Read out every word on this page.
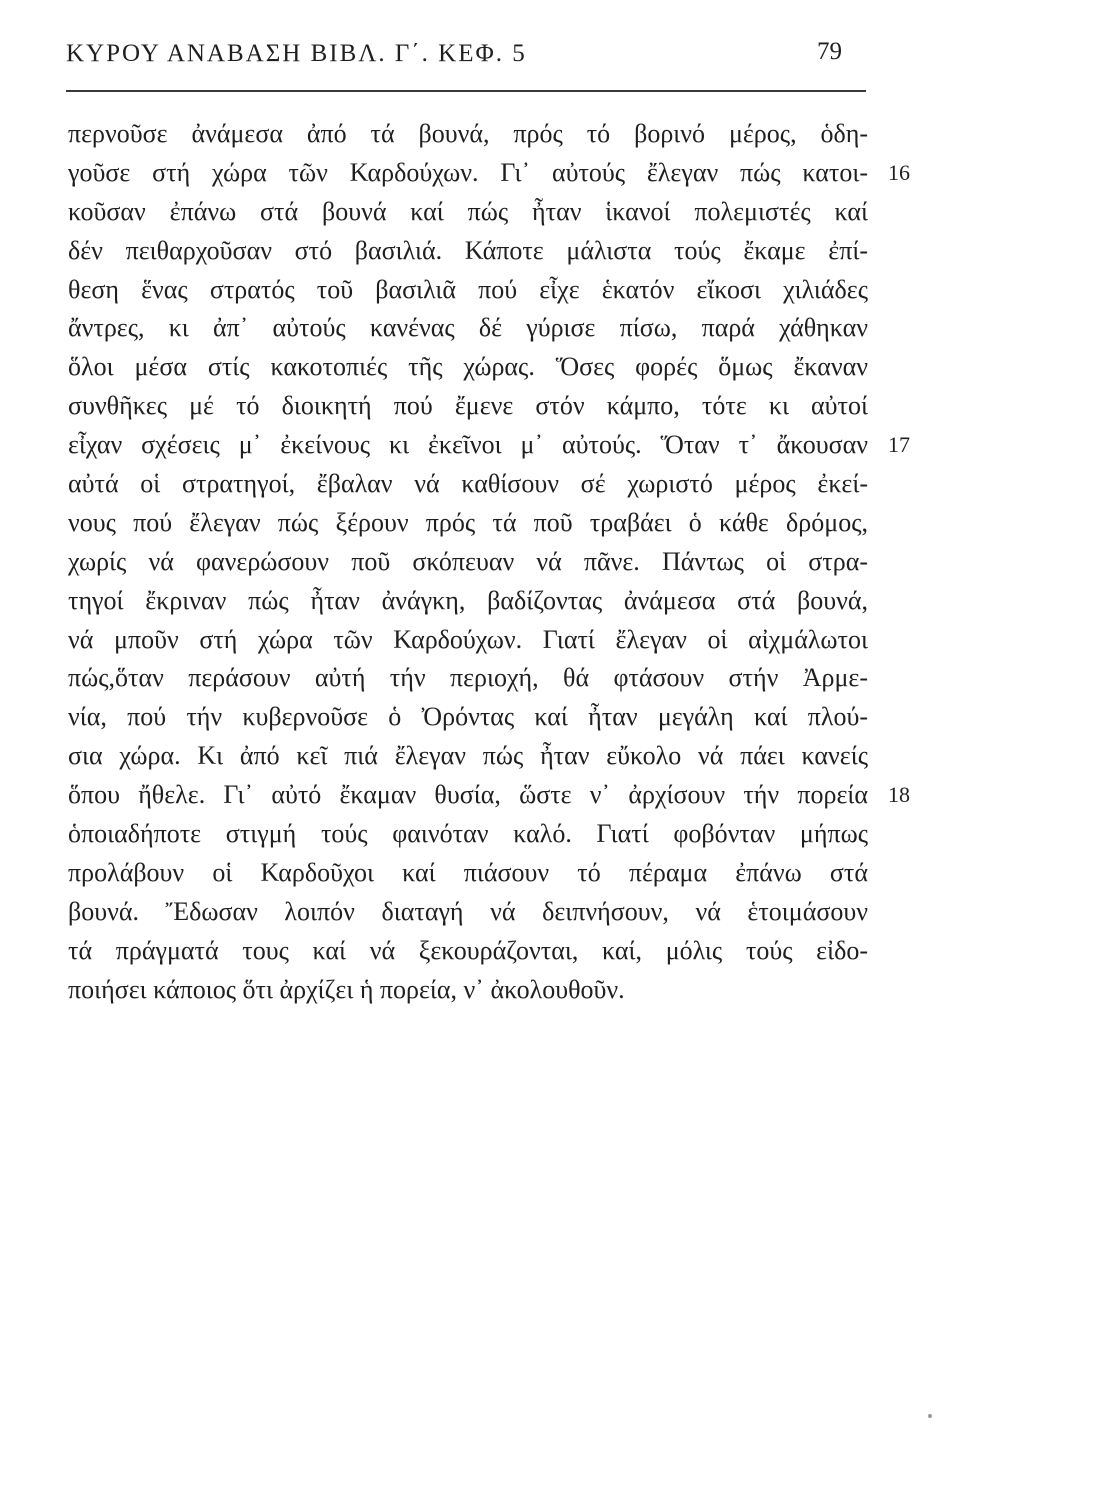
ΚΥΡΟΥ ΑΝΑΒΑΣΗ ΒΙΒΛ. Γ΄. ΚΕΦ. 5	79
περνοῦσε ἀνάμεσα ἀπό τά βουνά, πρός τό βορινό μέρος, ὁδη-
γοῦσε στή χώρα τῶν Καρδούχων. Γι᾿ αὐτούς ἔλεγαν πώς κατοι- 16
κοῦσαν ἐπάνω στά βουνά καί πώς ἦταν ἱκανοί πολεμιστές καί
δέν πειθαρχοῦσαν στό βασιλιά. Κάποτε μάλιστα τούς ἔκαμε ἐπί-
θεση ἕνας στρατός τοῦ βασιλιᾶ πού εἶχε ἑκατόν εἴκοσι χιλιάδες
ἄντρες, κι ἀπ᾿ αὐτούς κανένας δέ γύρισε πίσω, παρά χάθηκαν
ὅλοι μέσα στίς κακοτοπιές τῆς χώρας. Ὅσες φορές ὅμως ἔκαναν
συνθῆκες μέ τό διοικητή πού ἔμενε στόν κάμπο, τότε κι αὐτοί
εἶχαν σχέσεις μ᾿ ἐκείνους κι ἐκεῖνοι μ᾿ αὐτούς. Ὅταν τ᾿ ἄκουσαν 17
αὐτά οἱ στρατηγοί, ἔβαλαν νά καθίσουν σέ χωριστό μέρος ἐκεί-
νους πού ἔλεγαν πώς ξέρουν πρός τά ποῦ τραβάει ὁ κάθε δρόμος,
χωρίς νά φανερώσουν ποῦ σκόπευαν νά πᾶνε. Πάντως οἱ στρα-
τηγοί ἔκριναν πώς ἦταν ἀνάγκη, βαδίζοντας ἀνάμεσα στά βουνά,
νά μποῦν στή χώρα τῶν Καρδούχων. Γιατί ἔλεγαν οἱ αἰχμάλωτοι
πώς,ὅταν περάσουν αὐτή τήν περιοχή, θά φτάσουν στήν Ἀρμε-
νία, πού τήν κυβερνοῦσε ὁ Ὀρόντας καί ἦταν μεγάλη καί πλού-
σια χώρα. Κι ἀπό κεῖ πιά ἔλεγαν πώς ἦταν εὔκολο νά πάει κανείς
ὅπου ἤθελε. Γι᾿ αὐτό ἔκαμαν θυσία, ὥστε ν᾿ ἀρχίσουν τήν πορεία 18
ὁποιαδήποτε στιγμή τούς φαινόταν καλό. Γιατί φοβόνταν μήπως
προλάβουν οἱ Καρδοῦχοι καί πιάσουν τό πέραμα ἐπάνω στά
βουνά. Ἔδωσαν λοιπόν διαταγή νά δειπνήσουν, νά ἑτοιμάσουν
τά πράγματά τους καί νά ξεκουράζονται, καί, μόλις τούς εἰδο-
ποιήσει κάποιος ὅτι ἀρχίζει ἡ πορεία, ν᾿ ἀκολουθοῦν.
